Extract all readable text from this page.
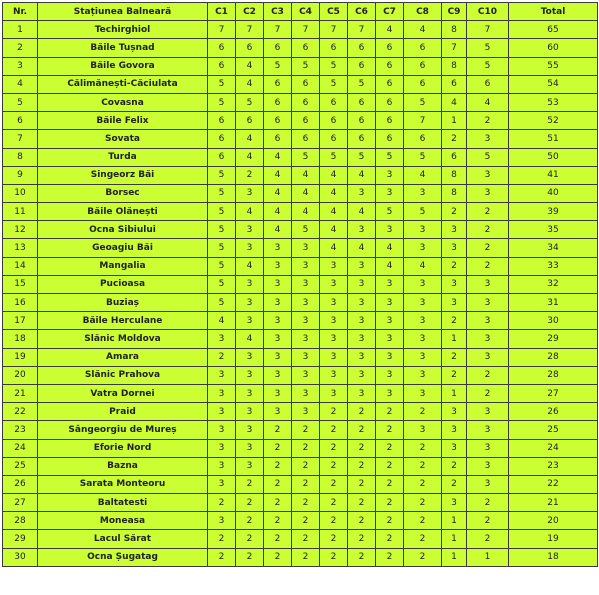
Nr.	Stațiunea Balneară	C1	C2	C3	C4	C5	C6	C7	C8	C9	C10	Total
1	Techirghiol	7	7	7	7	7	7	4	4	8	7	65
2	Băile Tușnad	6	6	6	6	6	6	6	6	7	5	60
3	Băile Govora	6	4	5	5	5	6	6	6	8	5	55
4	Călimănești-Căciulata	5	4	6	6	5	5	6	6	6	6	54
5	Covasna	5	5	6	6	6	6	6	5	4	4	53
6	Băile Felix	6	6	6	6	6	6	6	7	1	2	52
7	Sovata	6	4	6	6	6	6	6	6	2	3	51
8	Turda	6	4	4	5	5	5	5	5	6	5	50
9	Singeorz Băi	5	2	4	4	4	4	3	4	8	3	41
10	Borsec	5	3	4	4	4	3	3	3	8	3	40
11	Băile Olănești	5	4	4	4	4	4	5	5	2	2	39
12	Ocna Sibiului	5	3	4	5	4	3	3	3	3	2	35
13	Geoagiu Băi	5	3	3	3	4	4	4	3	3	2	34
14	Mangalia	5	4	3	3	3	3	4	4	2	2	33
15	Pucioasa	5	3	3	3	3	3	3	3	3	3	32
16	Buziaș	5	3	3	3	3	3	3	3	3	3	31
17	Băile Herculane	4	3	3	3	3	3	3	3	2	3	30
18	Slănic Moldova	3	4	3	3	3	3	3	3	1	3	29
19	Amara	2	3	3	3	3	3	3	3	2	3	28
20	Slănic Prahova	3	3	3	3	3	3	3	3	2	2	28
21	Vatra Dornei	3	3	3	3	3	3	3	3	1	2	27
22	Praid	3	3	3	3	2	2	2	2	3	3	26
23	Sângeorgiu de Mureș	3	3	2	2	2	2	2	3	3	3	25
24	Eforie Nord	3	3	2	2	2	2	2	2	3	3	24
25	Bazna	3	3	2	2	2	2	2	2	2	3	23
26	Sarata Monteoru	3	2	2	2	2	2	2	2	2	3	22
27	Baltatesti	2	2	2	2	2	2	2	2	3	2	21
28	Moneasa	3	2	2	2	2	2	2	2	1	2	20
29	Lacul Sărat	2	2	2	2	2	2	2	2	1	2	19
30	Ocna Șugatag	2	2	2	2	2	2	2	2	1	1	18
